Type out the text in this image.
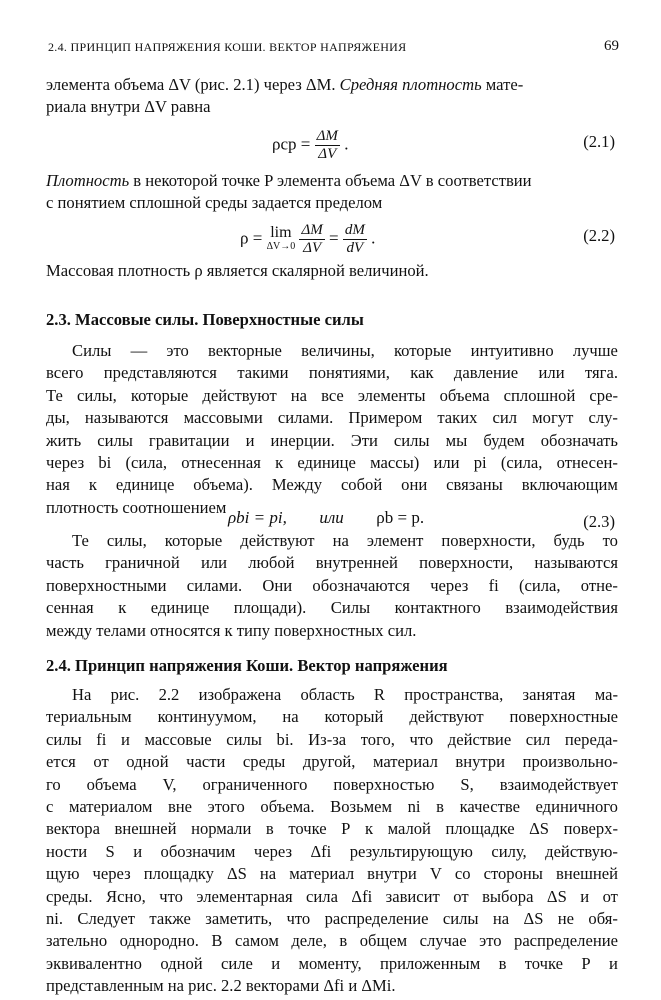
2.4. ПРИНЦИП НАПРЯЖЕНИЯ КОШИ. ВЕКТОР НАПРЯЖЕНИЯ	69
элемента объема ΔV (рис. 2.1) через ΔM. Средняя плотность мате-
риала внутри ΔV равна
$\rho ср = \frac{\Delta M}{\Delta V}$ .	(2.1)
Плотность в некоторой точке P элемента объема ΔV в соответствии
с понятием сплошной среды задается пределом
ρ = lim
ΔV→0
$\frac{\Delta M}{\Delta V} = \frac{dM}{dV}$ .	(2.2)
Массовая плотность ρ является скалярной величиной.
2.3. Массовые силы. Поверхностные силы
Силы — это векторные величины, которые интуитивно лучше
всего представляются такими понятиями, как давление или тяга.
Те силы, которые действуют на все элементы объема сплошной сре-
ды, называются массовыми силами. Примером таких сил могут слу-
жить силы гравитации и инерции. Эти силы мы будем обозначать
через bi (сила, отнесенная к единице массы) или pi (сила, отнесен-
ная к единице объема). Между собой они связаны включающим
плотность соотношением
ρbi = pi, или ρb = p.	(2.3)
Те силы, которые действуют на элемент поверхности, будь то
часть граничной или любой внутренней поверхности, называются
поверхностными силами. Они обозначаются через fi (сила, отне-
сенная к единице площади). Силы контактного взаимодействия
между телами относятся к типу поверхностных сил.
2.4. Принцип напряжения Коши. Вектор напряжения
На рис. 2.2 изображена область R пространства, занятая ма-
териальным континуумом, на который действуют поверхностные
силы fi и массовые силы bi. Из-за того, что действие сил переда-
ется от одной части среды другой, материал внутри произвольно-
го объема V, ограниченного поверхностью S, взаимодействует
с материалом вне этого объема. Возьмем ni в качестве единичного
вектора внешней нормали в точке P к малой площадке ΔS поверх-
ности S и обозначим через Δfi результирующую силу, действую-
щую через площадку ΔS на материал внутри V со стороны внешней
среды. Ясно, что элементарная сила Δfi зависит от выбора ΔS и от
ni. Следует также заметить, что распределение силы на ΔS не обя-
зательно однородно. В самом деле, в общем случае это распределение
эквивалентно одной силе и моменту, приложенным в точке P и
представленным на рис. 2.2 векторами Δfi и ΔMi.
